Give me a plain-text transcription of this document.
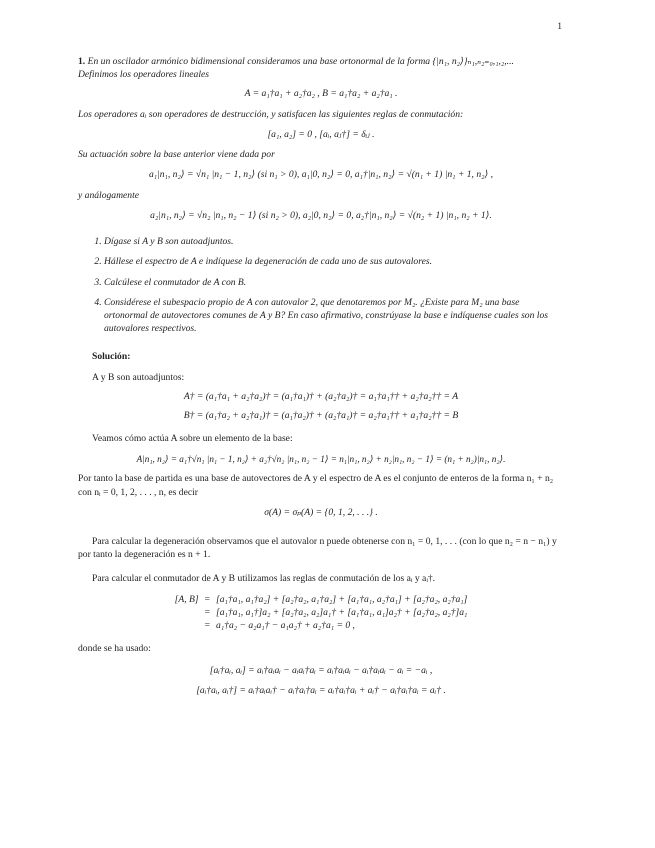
1

1. En un oscilador armónico bidimensional consideramos una base ortonormal de la forma {|n₁, n₂⟩}ₙ₁,ₙ₂₌₀,₁,₂,...

Definimos los operadores lineales

A = a₁†a₁ + a₂†a₂ , B = a₁†a₂ + a₂†a₁ .

Los operadores aᵢ son operadores de destrucción, y satisfacen las siguientes reglas de conmutación:

[a₁, a₂] = 0 , [aᵢ, aⱼ†] = δᵢⱼ .

Su actuación sobre la base anterior viene dada por

a₁|n₁, n₂⟩ = √n₁ |n₁ − 1, n₂⟩ (si n₁ > 0), a₁|0, n₂⟩ = 0, a₁†|n₁, n₂⟩ = √(n₁ + 1) |n₁ + 1, n₂⟩ ,

y análogamente

a₂|n₁, n₂⟩ = √n₂ |n₁, n₂ − 1⟩ (si n₂ > 0), a₂|0, n₂⟩ = 0, a₂†|n₁, n₂⟩ = √(n₂ + 1) |n₁, n₂ + 1⟩.

1. Dígase si A y B son autoadjuntos.
2. Hállese el espectro de A e indíquese la degeneración de cada uno de sus autovalores.
3. Calcúlese el conmutador de A con B.
4. Considérese el subespacio propio de A con autovalor 2, que denotaremos por M₂. ¿Existe para M₂ una base ortonormal de autovectores comunes de A y B? En caso afirmativo, constrúyase la base e indíquense cuales son los autovalores respectivos.

Solución:

A y B son autoadjuntos:

A† = (a₁†a₁ + a₂†a₂)† = (a₁†a₁)† + (a₂†a₂)† = a₁†a₁†† + a₂†a₂†† = A

B† = (a₁†a₂ + a₂†a₁)† = (a₁†a₂)† + (a₂†a₁)† = a₂†a₁†† + a₁†a₂†† = B

Veamos cómo actúa A sobre un elemento de la base:

A|n₁, n₂⟩ = a₁†√n₁ |n₁ − 1, n₂⟩ + a₂†√n₂ |n₁, n₂ − 1⟩ = n₁|n₁, n₂⟩ + n₂|n₁, n₂ − 1⟩ = (n₁ + n₂)|n₁, n₂⟩.

Por tanto la base de partida es una base de autovectores de A y el espectro de A es el conjunto de enteros de la forma n₁ + n₂ con nᵢ = 0, 1, 2, . . . , n, es decir

σ(A) = σₚ(A) = {0, 1, 2, . . .} .

Para calcular la degeneración observamos que el autovalor n puede obtenerse con n₁ = 0, 1, . . . (con lo que n₂ = n − n₁) y por tanto la degeneración es n + 1.

Para calcular el conmutador de A y B utilizamos las reglas de conmutación de los aᵢ y aᵢ†.

[A, B]	=	[a₁†a₁, a₁†a₂] + [a₂†a₂, a₁†a₂] + [a₁†a₁, a₂†a₁] + [a₂†a₂, a₂†a₁]
	=	[a₁†a₁, a₁†]a₂ + [a₂†a₂, a₂]a₁† + [a₁†a₁, a₁]a₂† + [a₂†a₂, a₂†]a₁
	=	a₁†a₂ − a₂a₁† − a₁a₂† + a₂†a₁ = 0 ,

donde se ha usado:

[aᵢ†aᵢ, aᵢ] = aᵢ†aᵢaᵢ − aᵢaᵢ†aᵢ = aᵢ†aᵢaᵢ − aᵢ†aᵢaᵢ − aᵢ = −aᵢ ,

[aᵢ†aᵢ, aᵢ†] = aᵢ†aᵢaᵢ† − aᵢ†aᵢ†aᵢ = aᵢ†aᵢ†aᵢ + aᵢ† − aᵢ†aᵢ†aᵢ = aᵢ† .
